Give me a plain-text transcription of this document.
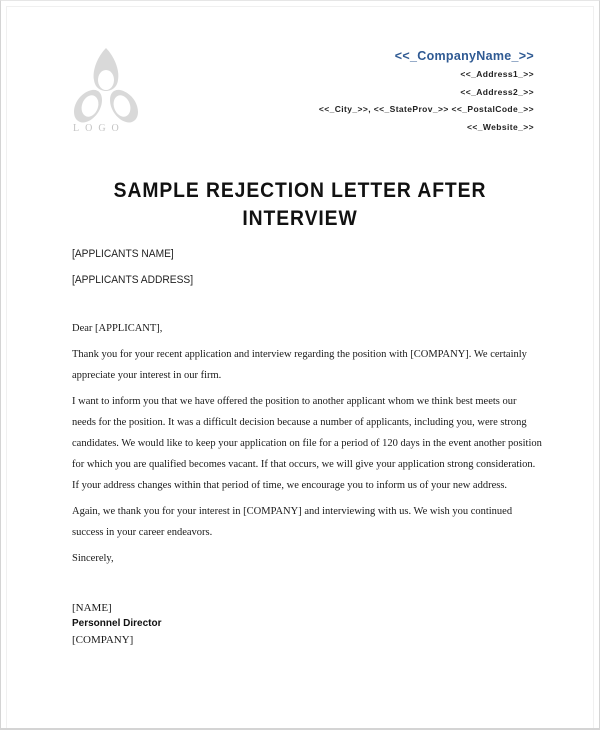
LOGO
<<_CompanyName_>>
<<_Address1_>>
<<_Address2_>>
<<_City_>>, <<_StateProv_>> <<_PostalCode_>>
<<_Website_>>
SAMPLE REJECTION LETTER AFTER
INTERVIEW
[APPLICANTS NAME]
[APPLICANTS ADDRESS]
Dear [APPLICANT],
Thank you for your recent application and interview regarding the position with [COMPANY]. We certainly appreciate your interest in our firm.
I want to inform you that we have offered the position to another applicant whom we think best meets our needs for the position. It was a difficult decision because a number of applicants, including you, were strong candidates. We would like to keep your application on file for a period of 120 days in the event another position for which you are qualified becomes vacant. If that occurs, we will give your application strong consideration. If your address changes within that period of time, we encourage you to inform us of your new address.
Again, we thank you for your interest in [COMPANY] and interviewing with us. We wish you continued success in your career endeavors.
Sincerely,
[NAME]
Personnel Director
[COMPANY]
